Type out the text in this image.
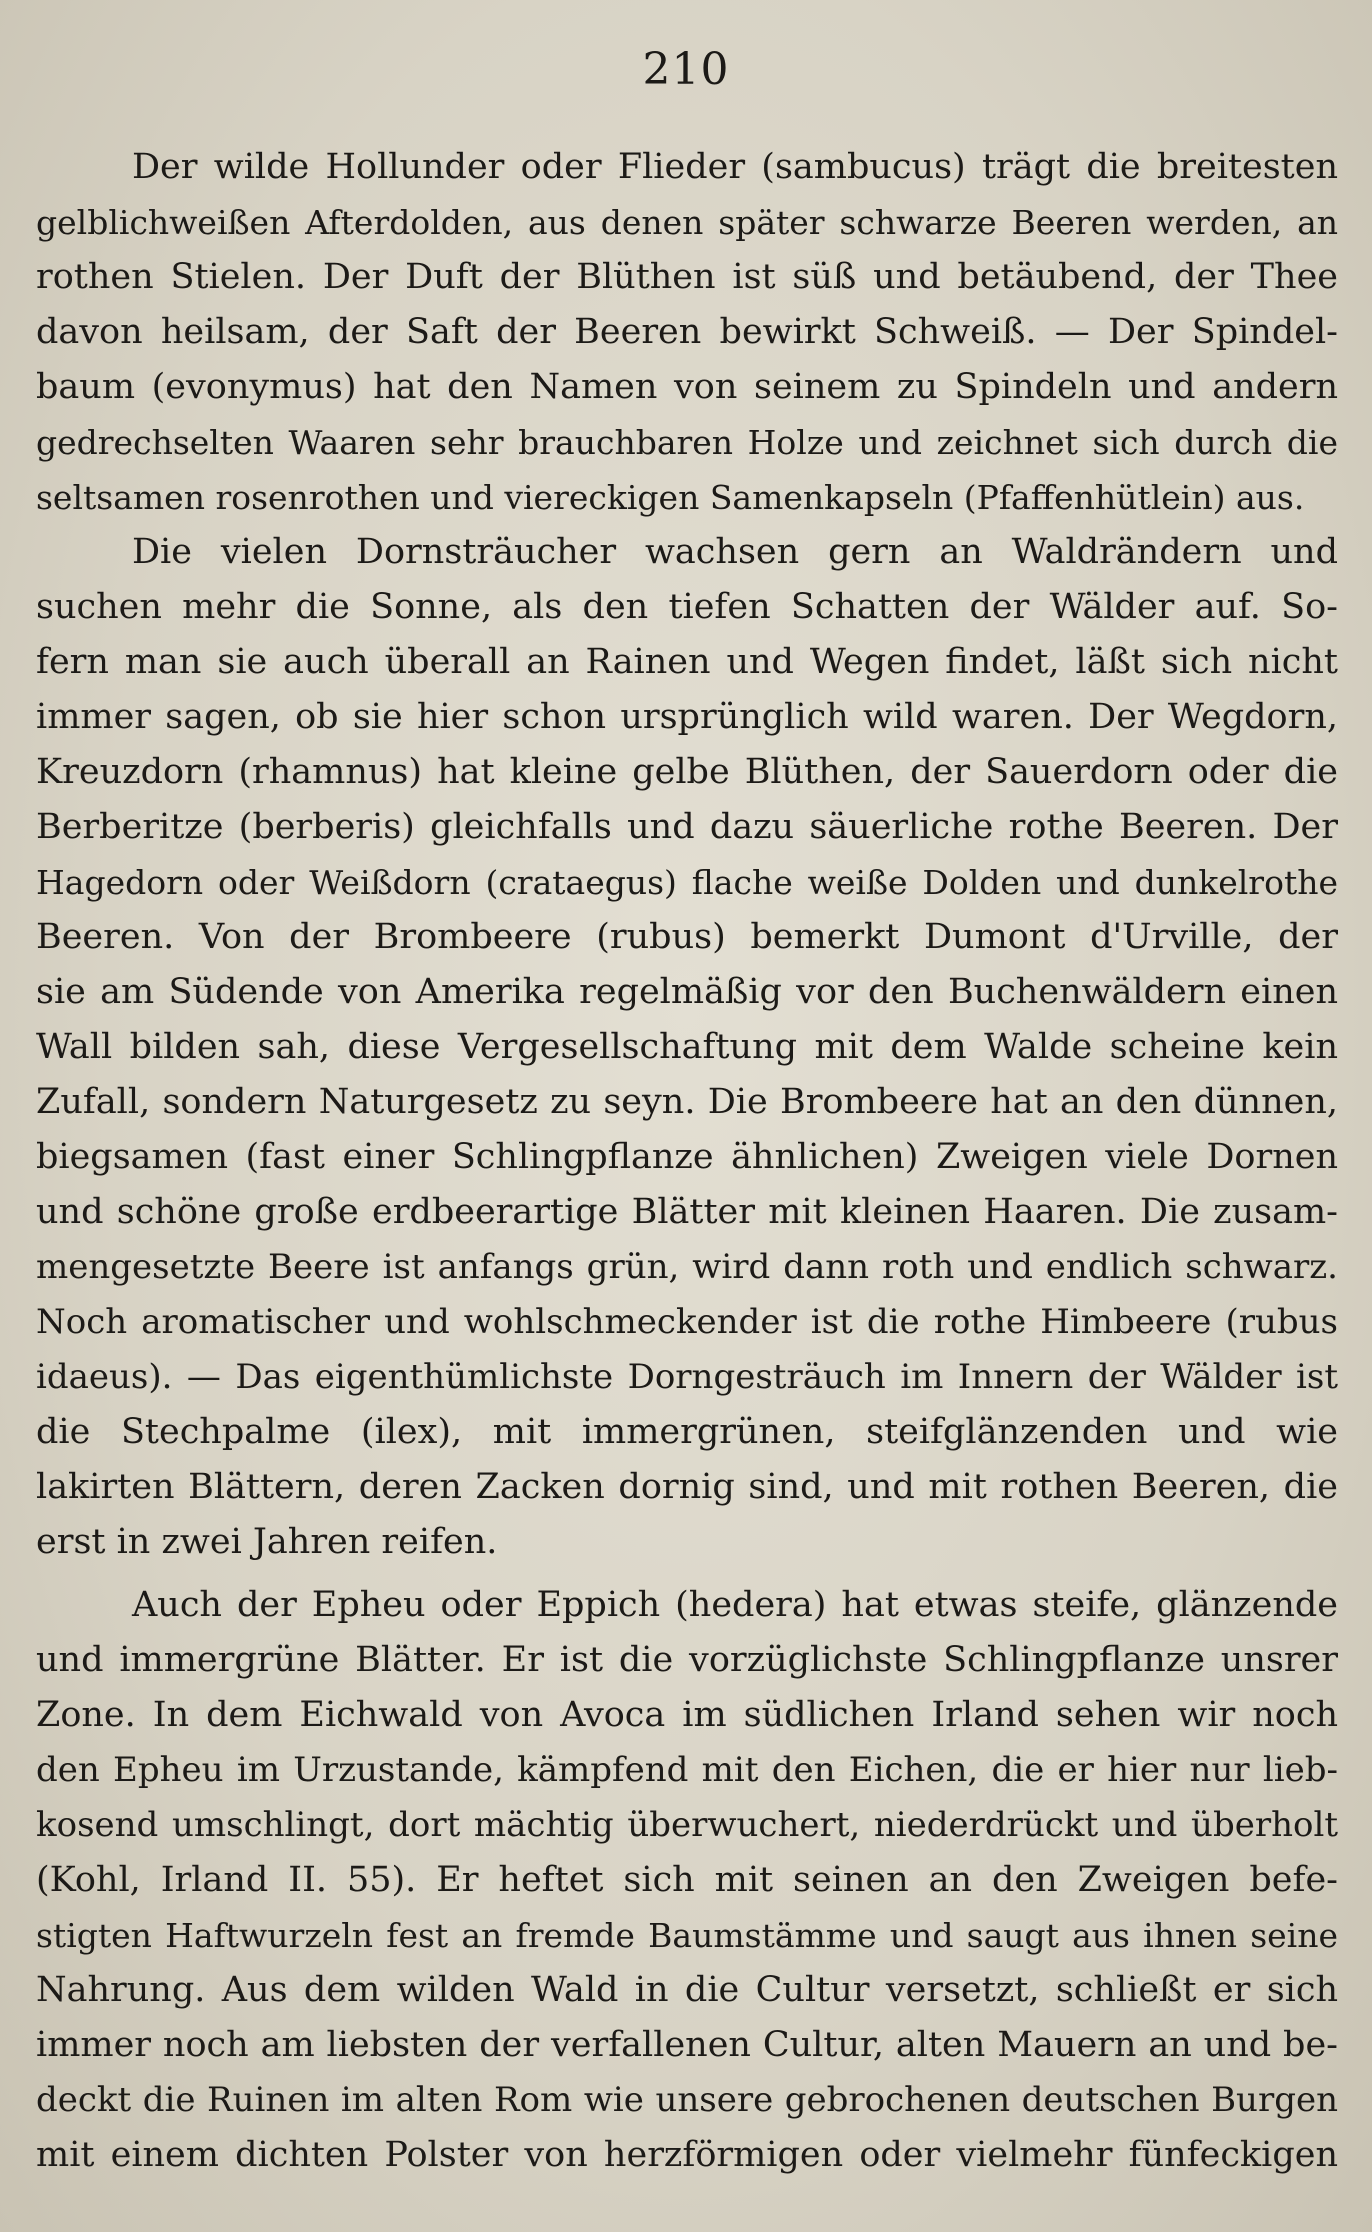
210
Der wilde Hollunder oder Flieder (sambucus) trägt die breitesten
gelblichweißen Afterdolden, aus denen später schwarze Beeren werden, an
rothen Stielen. Der Duft der Blüthen ist süß und betäubend, der Thee
davon heilsam, der Saft der Beeren bewirkt Schweiß. — Der Spindel-
baum (evonymus) hat den Namen von seinem zu Spindeln und andern
gedrechselten Waaren sehr brauchbaren Holze und zeichnet sich durch die
seltsamen rosenrothen und viereckigen Samenkapseln (Pfaffenhütlein) aus.
Die vielen Dornsträucher wachsen gern an Waldrändern und
suchen mehr die Sonne, als den tiefen Schatten der Wälder auf. So-
fern man sie auch überall an Rainen und Wegen findet, läßt sich nicht
immer sagen, ob sie hier schon ursprünglich wild waren. Der Wegdorn,
Kreuzdorn (rhamnus) hat kleine gelbe Blüthen, der Sauerdorn oder die
Berberitze (berberis) gleichfalls und dazu säuerliche rothe Beeren. Der
Hagedorn oder Weißdorn (crataegus) flache weiße Dolden und dunkelrothe
Beeren. Von der Brombeere (rubus) bemerkt Dumont d'Urville, der
sie am Südende von Amerika regelmäßig vor den Buchenwäldern einen
Wall bilden sah, diese Vergesellschaftung mit dem Walde scheine kein
Zufall, sondern Naturgesetz zu seyn. Die Brombeere hat an den dünnen,
biegsamen (fast einer Schlingpflanze ähnlichen) Zweigen viele Dornen
und schöne große erdbeerartige Blätter mit kleinen Haaren. Die zusam-
mengesetzte Beere ist anfangs grün, wird dann roth und endlich schwarz.
Noch aromatischer und wohlschmeckender ist die rothe Himbeere (rubus
idaeus). — Das eigenthümlichste Dorngesträuch im Innern der Wälder ist
die Stechpalme (ilex), mit immergrünen, steifglänzenden und wie
lakirten Blättern, deren Zacken dornig sind, und mit rothen Beeren, die
erst in zwei Jahren reifen.
Auch der Epheu oder Eppich (hedera) hat etwas steife, glänzende
und immergrüne Blätter. Er ist die vorzüglichste Schlingpflanze unsrer
Zone. In dem Eichwald von Avoca im südlichen Irland sehen wir noch
den Epheu im Urzustande, kämpfend mit den Eichen, die er hier nur lieb-
kosend umschlingt, dort mächtig überwuchert, niederdrückt und überholt
(Kohl, Irland II. 55). Er heftet sich mit seinen an den Zweigen befe-
stigten Haftwurzeln fest an fremde Baumstämme und saugt aus ihnen seine
Nahrung. Aus dem wilden Wald in die Cultur versetzt, schließt er sich
immer noch am liebsten der verfallenen Cultur, alten Mauern an und be-
deckt die Ruinen im alten Rom wie unsere gebrochenen deutschen Burgen
mit einem dichten Polster von herzförmigen oder vielmehr fünfeckigen
